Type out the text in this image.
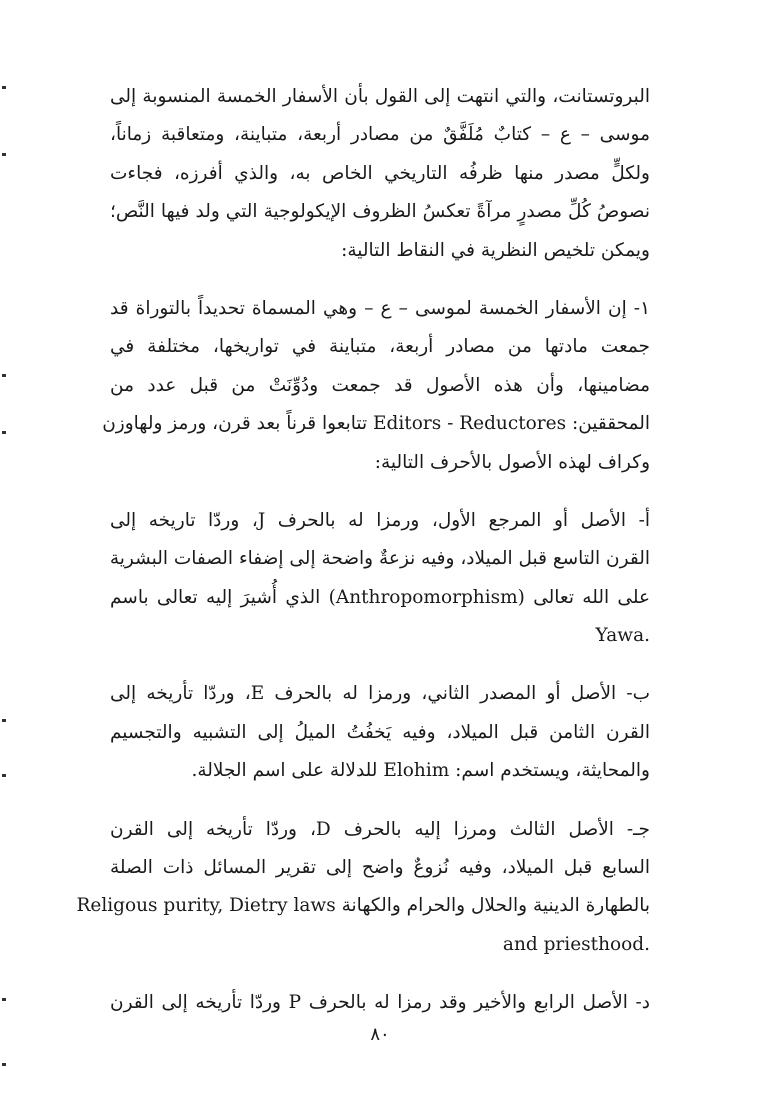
البروتستانت، والتي انتهت إلى القول بأن الأسفار الخمسة المنسوبة إلى
موسى – ع – كتابٌ مُلَفَّقٌ من مصادر أربعة، متباينة، ومتعاقبة زماناً،
ولكلٍّ مصدر منها ظرفُه التاريخي الخاص به، والذي أفرزه، فجاءت
نصوصُ كُلِّ مصدرٍ مرآةً تعكسُ الظروف الإيكولوجية التي ولد فيها النَّص؛
ويمكن تلخيص النظرية في النقاط التالية:
١- إن الأسفار الخمسة لموسى – ع – وهي المسماة تحديداً بالتوراة قد
جمعت مادتها من مصادر أربعة، متباينة في تواريخها، مختلفة في
مضامينها، وأن هذه الأصول قد جمعت ودُوِّنَتْ من قبل عدد من
المحققين: Editors - Reductores تتابعوا قرناً بعد قرن، ورمز ولهاوزن
وكراف لهذه الأصول بالأحرف التالية:
أ- الأصل أو المرجع الأول، ورمزا له بالحرف J، وردّا تاريخه إلى
القرن التاسع قبل الميلاد، وفيه نزعةٌ واضحة إلى إضفاء الصفات البشرية
على الله تعالى (Anthropomorphism) الذي أُشيرَ إليه تعالى باسم
.Yawa
ب- الأصل أو المصدر الثاني، ورمزا له بالحرف E، وردّا تأريخه إلى
القرن الثامن قبل الميلاد، وفيه يَخفُتُ الميلُ إلى التشبيه والتجسيم
والمحايثة، ويستخدم اسم: Elohim للدلالة على اسم الجلالة.
جـ- الأصل الثالث ومرزا إليه بالحرف D، وردّا تأريخه إلى القرن
السابع قبل الميلاد، وفيه نُزوعٌ واضح إلى تقرير المسائل ذات الصلة
بالطهارة الدينية والحلال والحرام والكهانة Religous purity, Dietry laws
.and priesthood
د- الأصل الرابع والأخير وقد رمزا له بالحرف P وردّا تأريخه إلى القرن
٨٠
